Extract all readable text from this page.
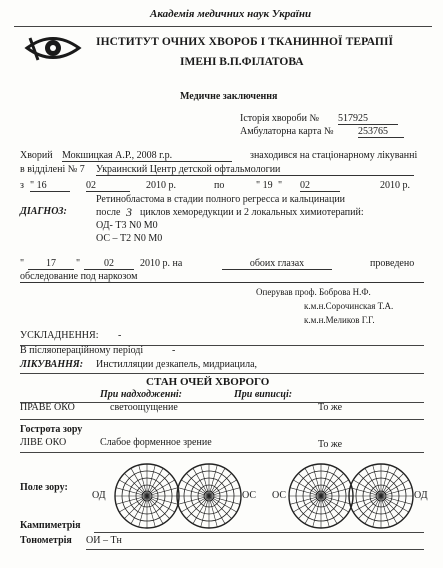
Академія медичних наук України
ІНСТИТУТ ОЧНИХ ХВОРОБ І ТКАНИННОЇ ТЕРАПІЇ
ІМЕНІ В.П.ФІЛАТОВА
Медичне заключення
Історія хвороби № 517925
Амбулаторна карта № 253765
Хворий Мокшицкая А.Р., 2008 г.р.	знаходився на стаціонарному лікуванні
в відділені № 7 Украинский Центр детской офтальмологии
з " 16	02	2010 р.	по	" 19 " 02	2010 р.
ДІАГНОЗ:
Ретинобластома в стадии полного регресса и кальцинации
после 3 циклов хеморедукции и 2 локальных химиотерапий:
ОД- Т3 N0 М0
ОС – Т2 N0 М0
"	17	"	02	2010 р. на	обоих глазах	проведено
обследование под наркозом
Оперував проф. Боброва Н.Ф.
к.м.н.Сорочинская Т.А.
к.м.н.Меликов Г.Г.
УСКЛАДНЕННЯ: -
В післяопераційному періоді	-
ЛІКУВАННЯ: Инстилляции дезкапель, мидриацила,
СТАН ОЧЕЙ ХВОРОГО
При надходженні:	При виписці:
ПРАВЕ ОКО	светоощущение	То же
Гострота зору
ЛІВЕ ОКО	Слабое форменное зрение	То же
Поле зору:
ОД	ОС ОС	ОД
Кампиметрія
Тонометрія ОИ – Тн
